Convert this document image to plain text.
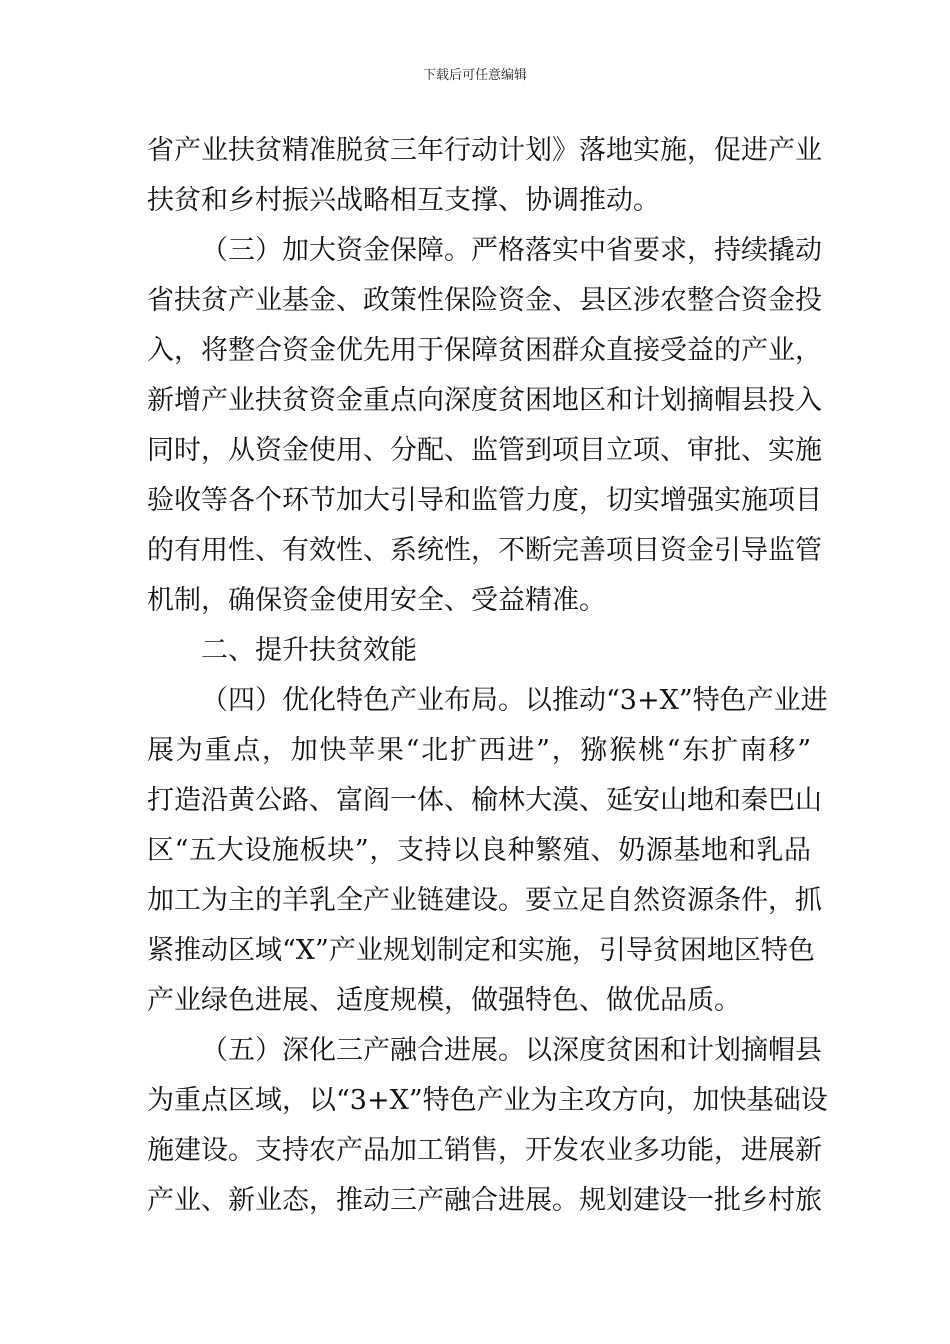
下载后可任意编辑
省产业扶贫精准脱贫三年行动计划》落地实施，促进产业
扶贫和乡村振兴战略相互支撑、协调推动。
（三）加大资金保障。严格落实中省要求，持续撬动
省扶贫产业基金、政策性保险资金、县区涉农整合资金投
入，将整合资金优先用于保障贫困群众直接受益的产业，
新增产业扶贫资金重点向深度贫困地区和计划摘帽县投入
同时，从资金使用、分配、监管到项目立项、审批、实施
验收等各个环节加大引导和监管力度，切实增强实施项目
的有用性、有效性、系统性，不断完善项目资金引导监管
机制，确保资金使用安全、受益精准。
二、提升扶贫效能
（四）优化特色产业布局。以推动“3+X”特色产业进
展为重点，加快苹果“北扩西进”，猕猴桃“东扩南移”
打造沿黄公路、富阎一体、榆林大漠、延安山地和秦巴山
区“五大设施板块”，支持以良种繁殖、奶源基地和乳品
加工为主的羊乳全产业链建设。要立足自然资源条件，抓
紧推动区域“X”产业规划制定和实施，引导贫困地区特色
产业绿色进展、适度规模，做强特色、做优品质。
（五）深化三产融合进展。以深度贫困和计划摘帽县
为重点区域，以“3+X”特色产业为主攻方向，加快基础设
施建设。支持农产品加工销售，开发农业多功能，进展新
产业、新业态，推动三产融合进展。规划建设一批乡村旅
